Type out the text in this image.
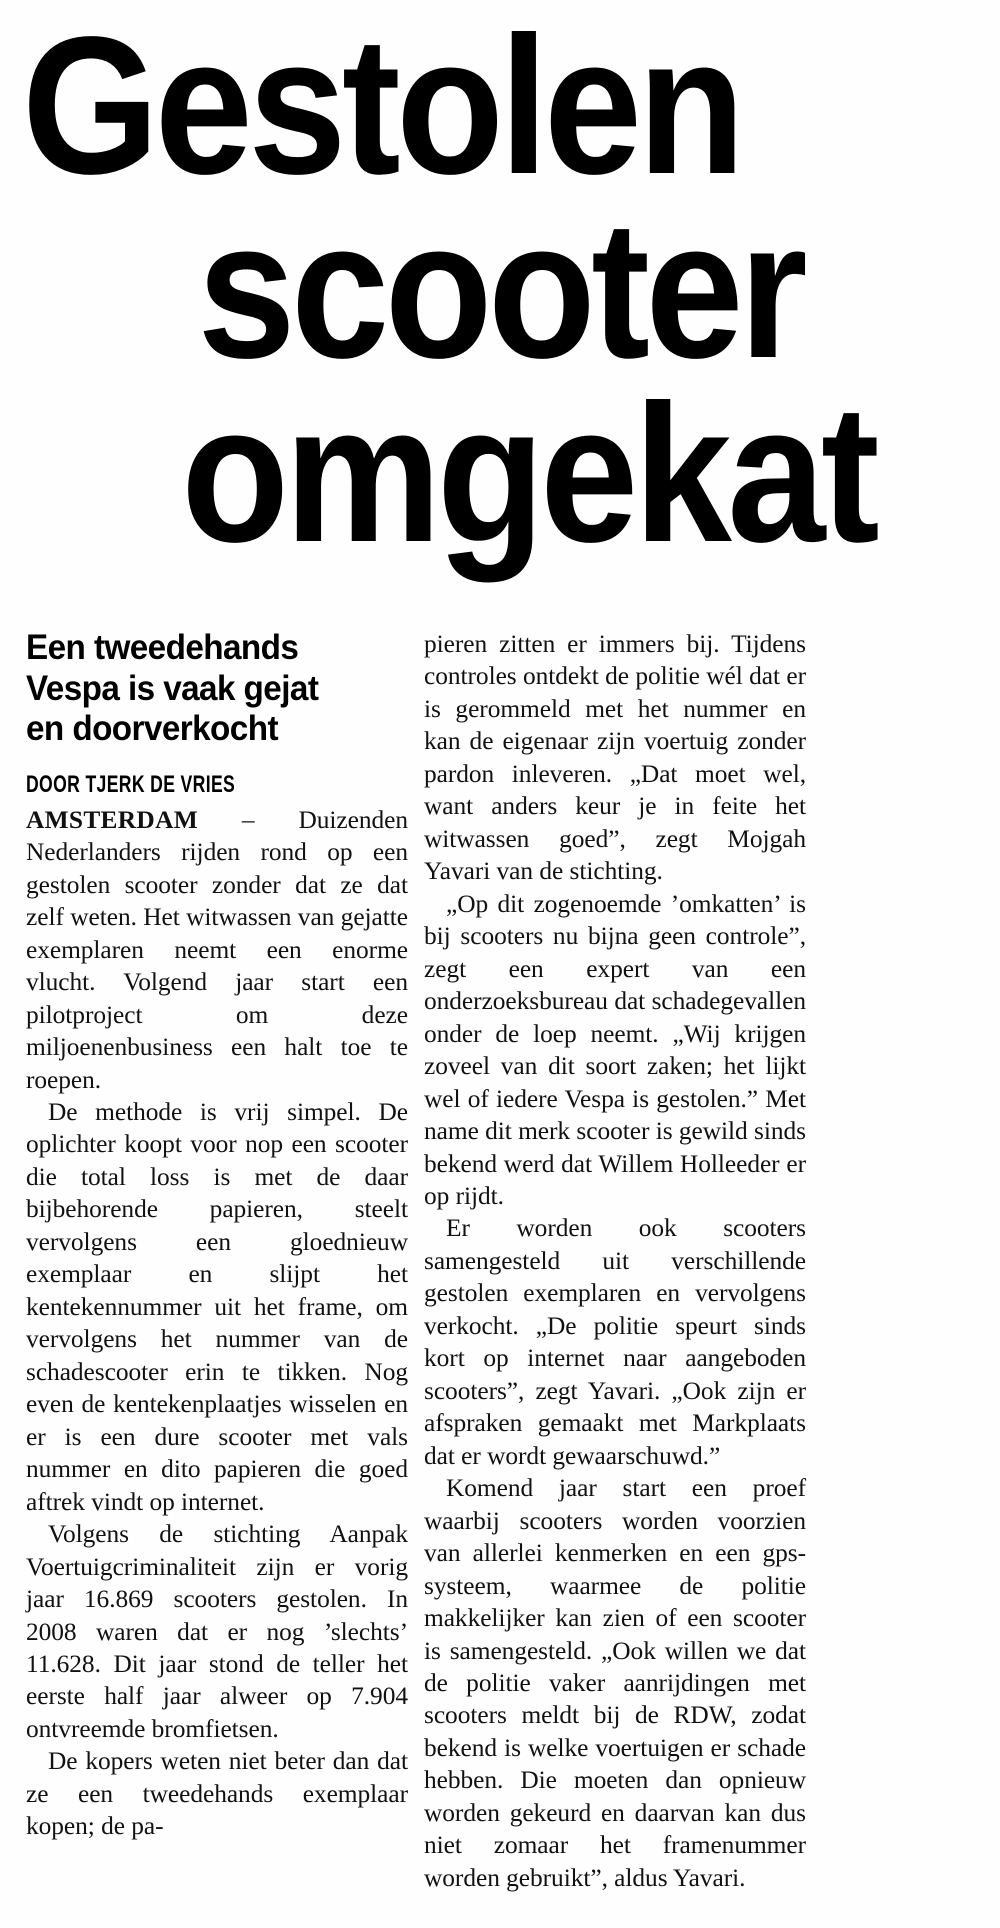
Gestolen
scooter
omgekat
Een tweedehands
Vespa is vaak gejat
en doorverkocht
DOOR TJERK DE VRIES

AMSTERDAM – Duizenden Nederlanders rijden rond op een gestolen scooter zonder dat ze dat zelf weten. Het witwassen van gejatte exemplaren neemt een enorme vlucht. Volgend jaar start een pilotproject om deze miljoenenbusiness een halt toe te roepen.

De methode is vrij simpel. De oplichter koopt voor nop een scooter die total loss is met de daar bijbehorende papieren, steelt vervolgens een gloednieuw exemplaar en slijpt het kentekennummer uit het frame, om vervolgens het nummer van de schadescooter erin te tikken. Nog even de kentekenplaatjes wisselen en er is een dure scooter met vals nummer en dito papieren die goed aftrek vindt op internet.

Volgens de stichting Aanpak Voertuigcriminaliteit zijn er vorig jaar 16.869 scooters gestolen. In 2008 waren dat er nog ’slechts’ 11.628. Dit jaar stond de teller het eerste half jaar alweer op 7.904 ontvreemde bromfietsen.

De kopers weten niet beter dan dat ze een tweedehands exemplaar kopen; de pa-

pieren zitten er immers bij. Tijdens controles ontdekt de politie wél dat er is gerommeld met het nummer en kan de eigenaar zijn voertuig zonder pardon inleveren. „Dat moet wel, want anders keur je in feite het witwassen goed”, zegt Mojgah Yavari van de stichting.

„Op dit zogenoemde ’omkatten’ is bij scooters nu bijna geen controle”, zegt een expert van een onderzoeksbureau dat schadegevallen onder de loep neemt. „Wij krijgen zoveel van dit soort zaken; het lijkt wel of iedere Vespa is gestolen.” Met name dit merk scooter is gewild sinds bekend werd dat Willem Holleeder er op rijdt.

Er worden ook scooters samengesteld uit verschillende gestolen exemplaren en vervolgens verkocht. „De politie speurt sinds kort op internet naar aangeboden scooters”, zegt Yavari. „Ook zijn er afspraken gemaakt met Markplaats dat er wordt gewaarschuwd.”

Komend jaar start een proef waarbij scooters worden voorzien van allerlei kenmerken en een gps-systeem, waarmee de politie makkelijker kan zien of een scooter is samengesteld. „Ook willen we dat de politie vaker aanrijdingen met scooters meldt bij de RDW, zodat bekend is welke voertuigen er schade hebben. Die moeten dan opnieuw worden gekeurd en daarvan kan dus niet zomaar het framenummer worden gebruikt”, aldus Yavari.
